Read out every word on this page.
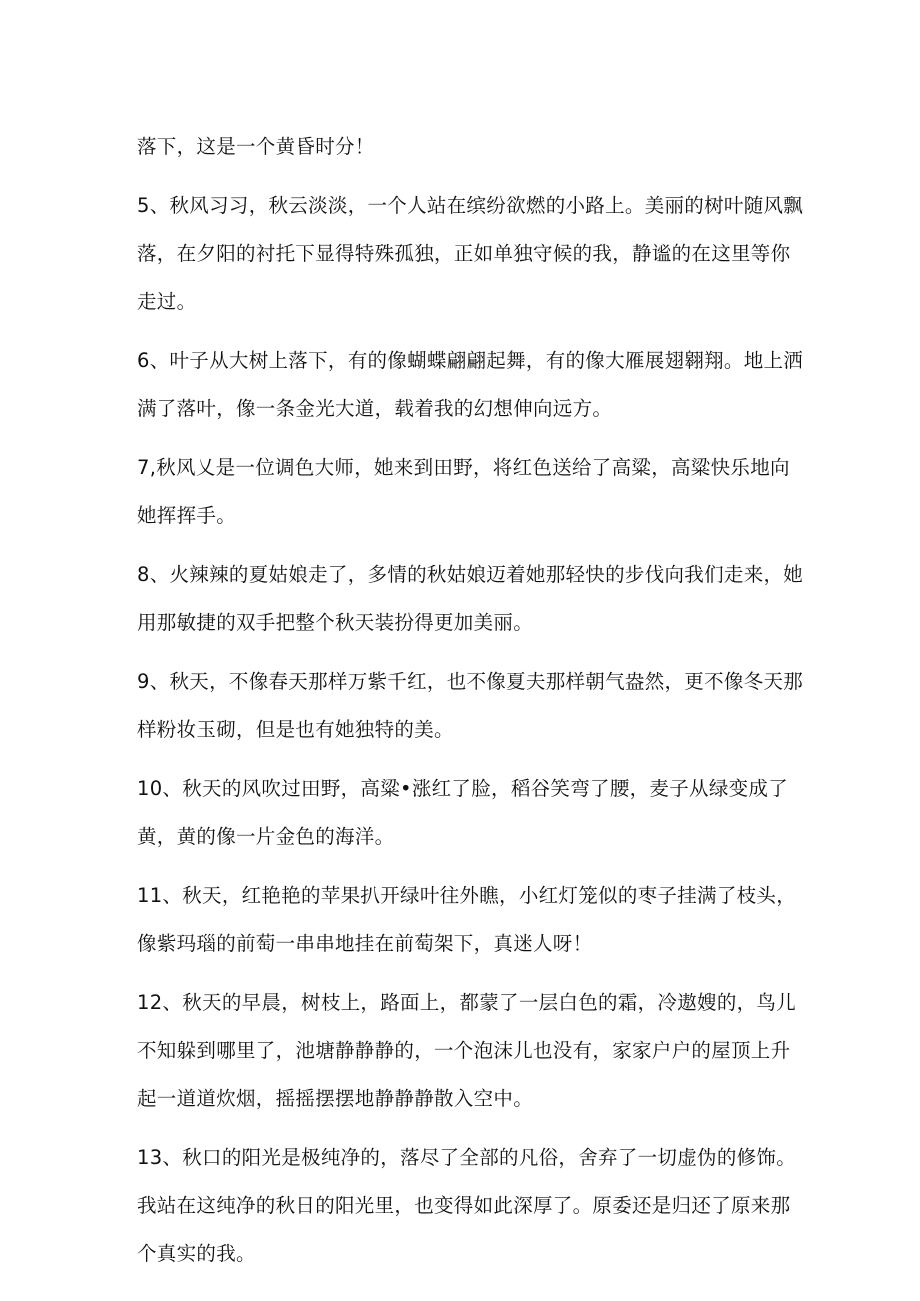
落下，这是一个黄昏时分！

5、秋风习习，秋云淡淡，一个人站在缤纷欲燃的小路上。美丽的树叶随风飘落，在夕阳的衬托下显得特殊孤独，正如单独守候的我，静谧的在这里等你走过。

6、叶子从大树上落下，有的像蝴蝶翩翩起舞，有的像大雁展翅翱翔。地上洒满了落叶，像一条金光大道，载着我的幻想伸向远方。

7,秋风乂是一位调色大师，她来到田野，将红色送给了高粱，高粱快乐地向她挥挥手。

8、火辣辣的夏姑娘走了，多情的秋姑娘迈着她那轻快的步伐向我们走来，她用那敏捷的双手把整个秋天装扮得更加美丽。

9、秋天，不像春天那样万紫千红，也不像夏夫那样朝气盎然，更不像冬天那样粉妆玉砌，但是也有她独特的美。

10、秋天的风吹过田野，高粱•涨红了脸，稻谷笑弯了腰，麦子从绿变成了黄，黄的像一片金色的海洋。

11、秋天，红艳艳的苹果扒开绿叶往外瞧，小红灯笼似的枣子挂满了枝头，像紫玛瑙的前萄一串串地挂在前萄架下，真迷人呀！

12、秋天的早晨，树枝上，路面上，都蒙了一层白色的霜，冷遨嫂的，鸟儿不知躲到哪里了，池塘静静静的，一个泡沫儿也没有，家家户户的屋顶上升起一道道炊烟，摇摇摆摆地静静静散入空中。

13、秋口的阳光是极纯净的，落尽了全部的凡俗，舍弃了一切虚伪的修饰。我站在这纯净的秋日的阳光里，也变得如此深厚了。原委还是归还了原来那个真实的我。
